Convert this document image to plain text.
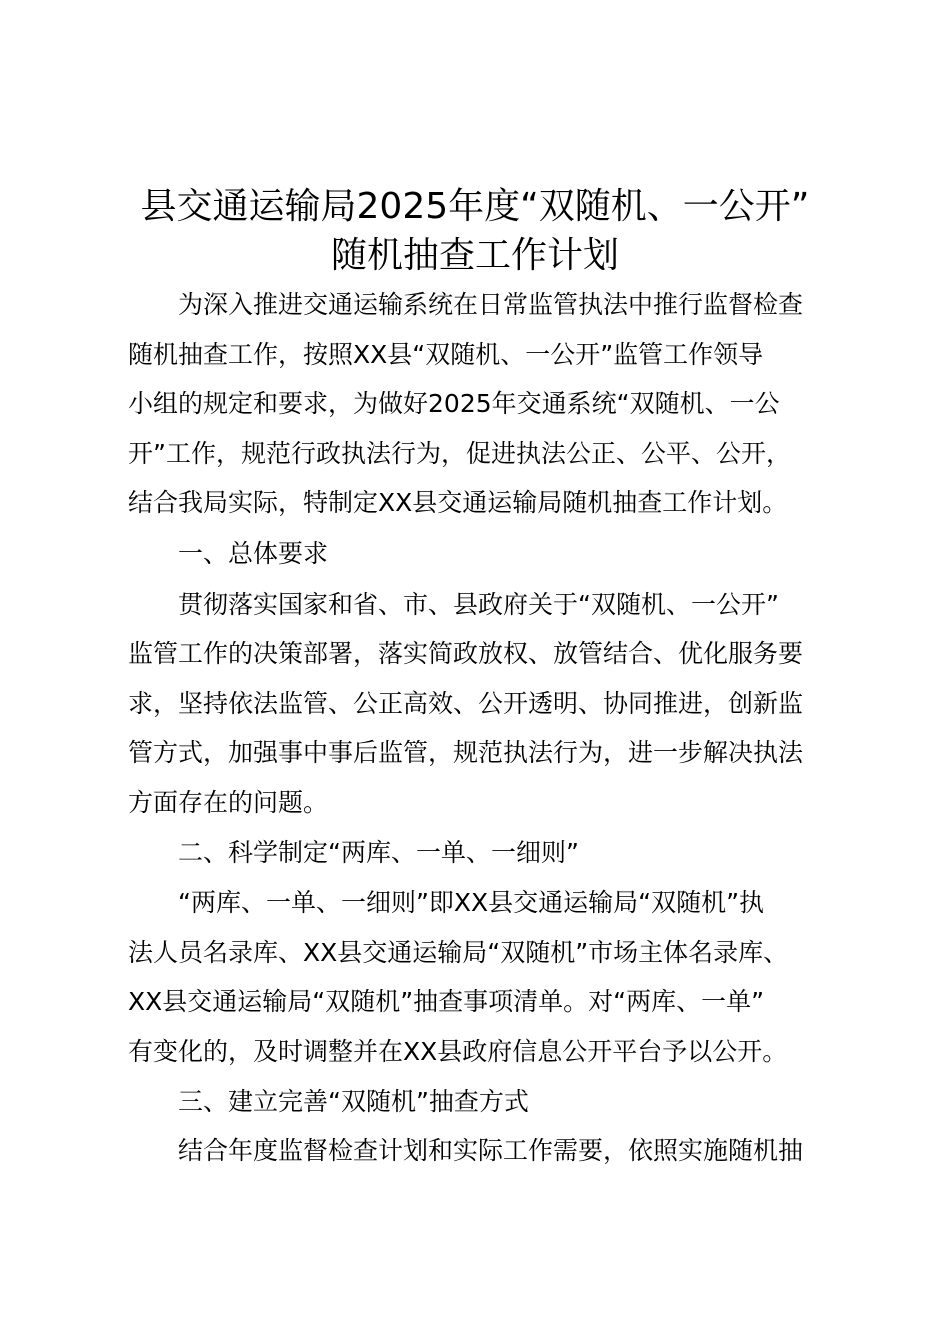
县交通运输局2025年度“双随机、一公开”
随机抽查工作计划
为深入推进交通运输系统在日常监管执法中推行监督检查
随机抽查工作，按照XX县“双随机、一公开”监管工作领导
小组的规定和要求，为做好2025年交通系统“双随机、一公
开”工作，规范行政执法行为，促进执法公正、公平、公开，
结合我局实际，特制定XX县交通运输局随机抽查工作计划。
一、总体要求
贯彻落实国家和省、市、县政府关于“双随机、一公开”
监管工作的决策部署，落实简政放权、放管结合、优化服务要
求，坚持依法监管、公正高效、公开透明、协同推进，创新监
管方式，加强事中事后监管，规范执法行为，进一步解决执法
方面存在的问题。
二、科学制定“两库、一单、一细则”
“两库、一单、一细则”即XX县交通运输局“双随机”执
法人员名录库、XX县交通运输局“双随机”市场主体名录库、
XX县交通运输局“双随机”抽查事项清单。对“两库、一单”
有变化的，及时调整并在XX县政府信息公开平台予以公开。
三、建立完善“双随机”抽查方式
结合年度监督检查计划和实际工作需要，依照实施随机抽
